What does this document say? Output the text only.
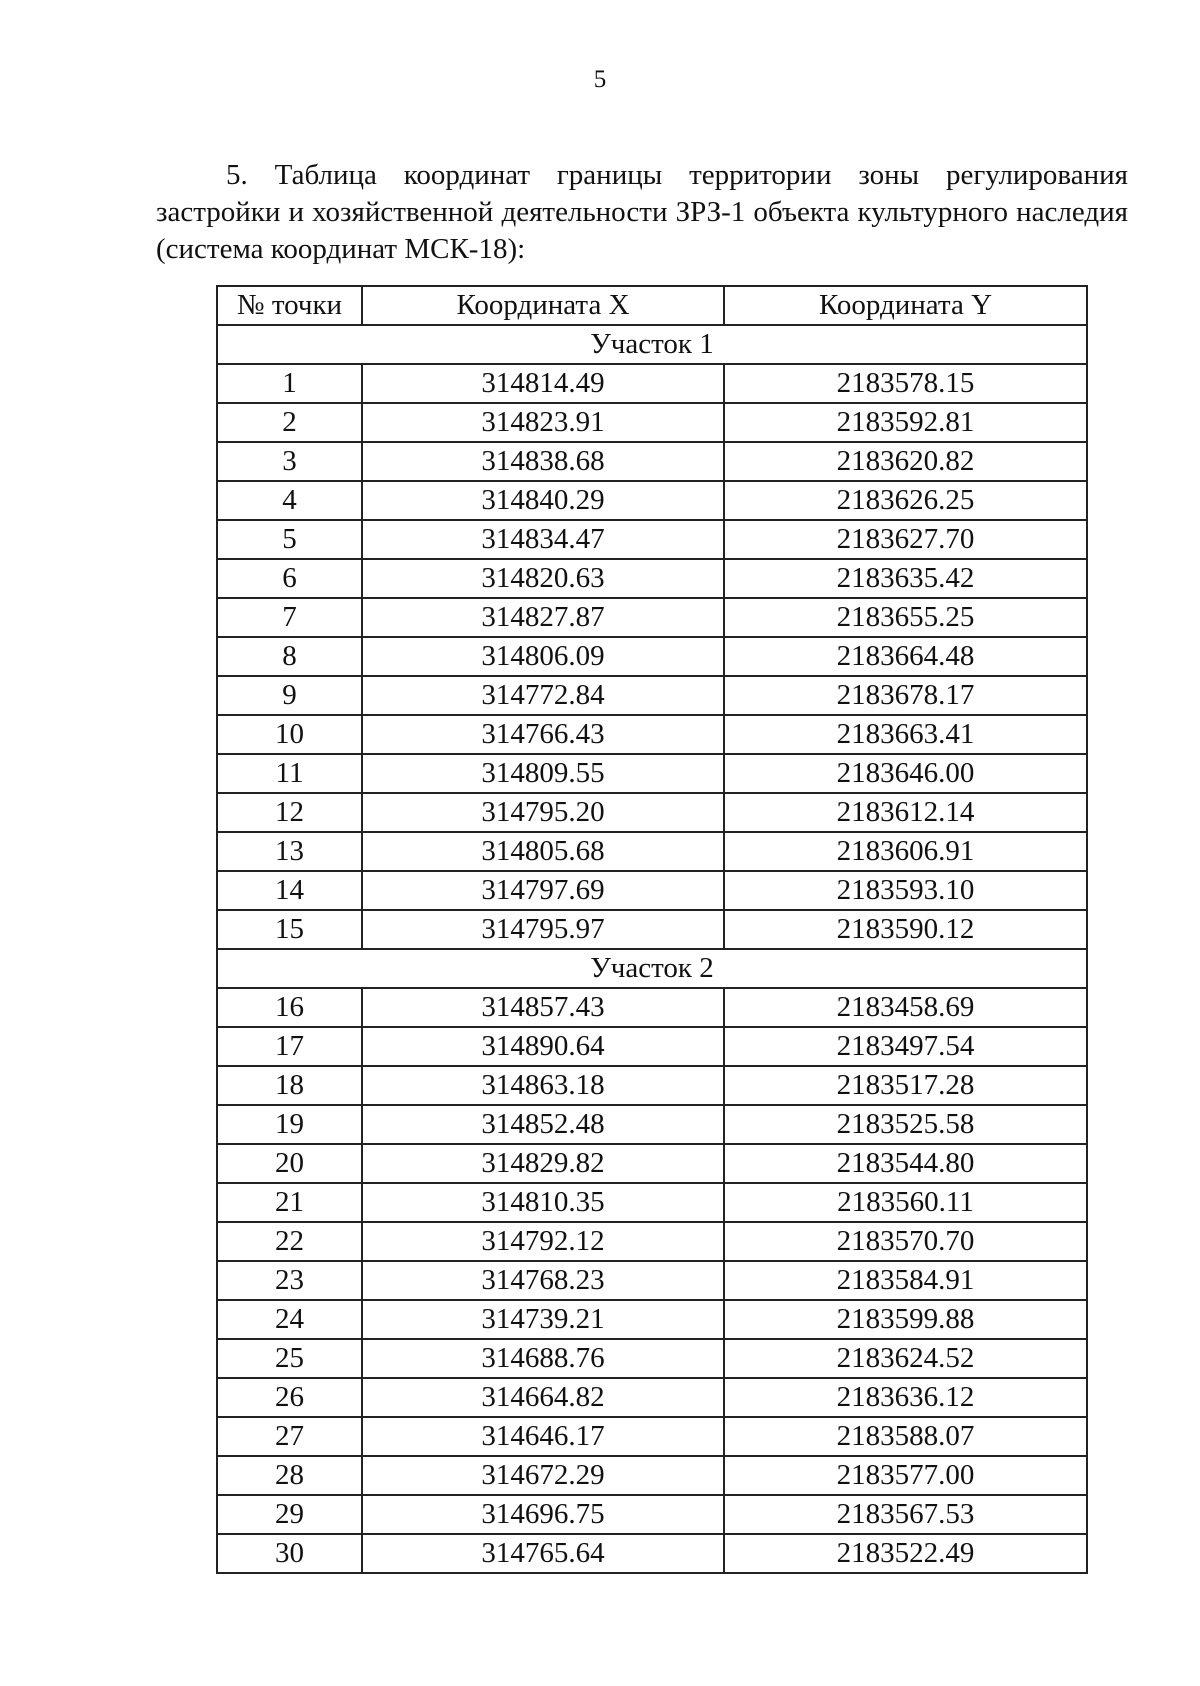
5
5. Таблица координат границы территории зоны регулирования застройки и хозяйственной деятельности ЗРЗ-1 объекта культурного наследия (система координат МСК-18):
№ точки	Координата X	Координата Y
Участок 1		
1	314814.49	2183578.15
2	314823.91	2183592.81
3	314838.68	2183620.82
4	314840.29	2183626.25
5	314834.47	2183627.70
6	314820.63	2183635.42
7	314827.87	2183655.25
8	314806.09	2183664.48
9	314772.84	2183678.17
10	314766.43	2183663.41
11	314809.55	2183646.00
12	314795.20	2183612.14
13	314805.68	2183606.91
14	314797.69	2183593.10
15	314795.97	2183590.12
Участок 2		
16	314857.43	2183458.69
17	314890.64	2183497.54
18	314863.18	2183517.28
19	314852.48	2183525.58
20	314829.82	2183544.80
21	314810.35	2183560.11
22	314792.12	2183570.70
23	314768.23	2183584.91
24	314739.21	2183599.88
25	314688.76	2183624.52
26	314664.82	2183636.12
27	314646.17	2183588.07
28	314672.29	2183577.00
29	314696.75	2183567.53
30	314765.64	2183522.49
